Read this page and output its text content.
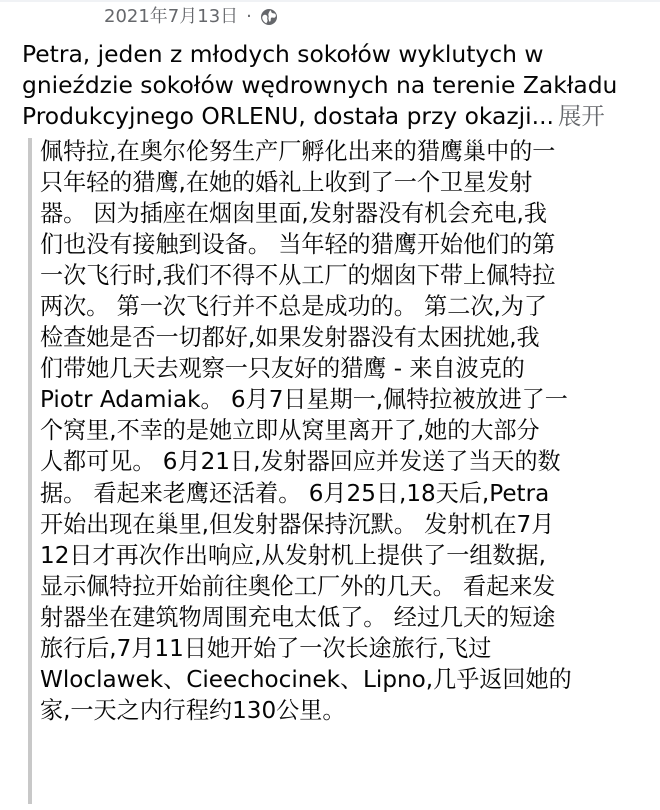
2021年7月13日 ·
Petra, jeden z młodych sokołów wyklutych w
gnieździe sokołów wędrownych na terenie Zakładu
Produkcyjnego ORLENU, dostała przy okazji... 展开
佩特拉,在奥尔伦努生产厂孵化出来的猎鹰巢中的一
只年轻的猎鹰,在她的婚礼上收到了一个卫星发射
器。 因为插座在烟囱里面,发射器没有机会充电,我
们也没有接触到设备。 当年轻的猎鹰开始他们的第
一次飞行时,我们不得不从工厂的烟囱下带上佩特拉
两次。 第一次飞行并不总是成功的。 第二次,为了
检查她是否一切都好,如果发射器没有太困扰她,我
们带她几天去观察一只友好的猎鹰 - 来自波克的
Piotr Adamiak。 6月7日星期一,佩特拉被放进了一
个窝里,不幸的是她立即从窝里离开了,她的大部分
人都可见。 6月21日,发射器回应并发送了当天的数
据。 看起来老鹰还活着。 6月25日,18天后,Petra
开始出现在巢里,但发射器保持沉默。 发射机在7月
12日才再次作出响应,从发射机上提供了一组数据,
显示佩特拉开始前往奥伦工厂外的几天。 看起来发
射器坐在建筑物周围充电太低了。 经过几天的短途
旅行后,7月11日她开始了一次长途旅行,飞过
Wloclawek、Cieechocinek、Lipno,几乎返回她的
家,一天之内行程约130公里。
